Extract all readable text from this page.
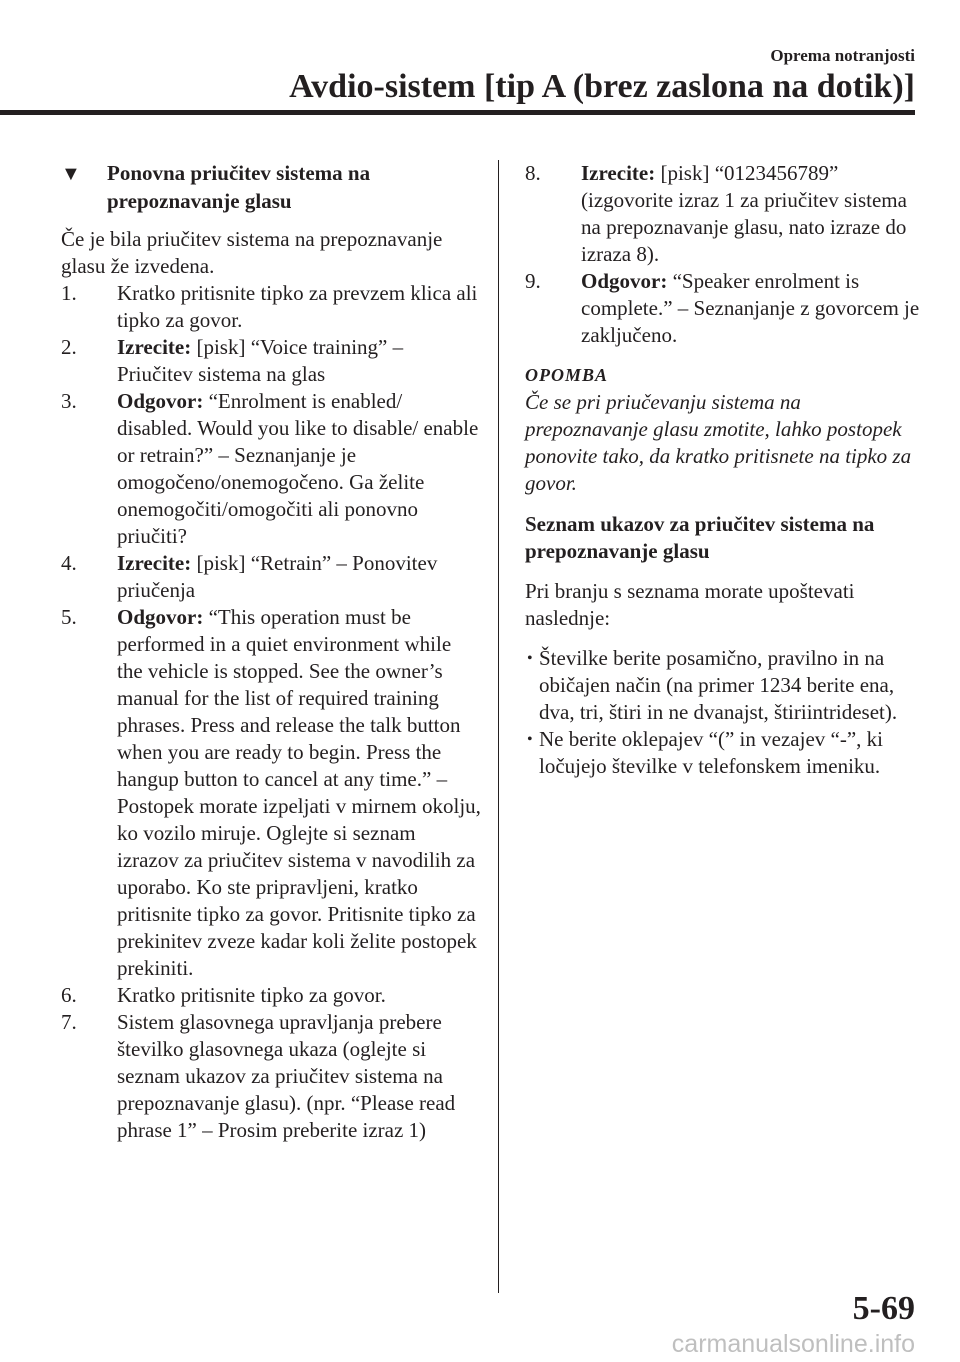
Oprema notranjosti
Avdio-sistem [tip A (brez zaslona na dotik)]
▼ Ponovna priučitev sistema na
prepoznavanje glasu

Če je bila priučitev sistema na prepoznavanje glasu že izvedena.

1. Kratko pritisnite tipko za prevzem klica ali tipko za govor.
2. Izrecite: [pisk] “Voice training” – Priučitev sistema na glas
3. Odgovor: “Enrolment is enabled/ disabled. Would you like to disable/ enable or retrain?” – Seznanjanje je omogočeno/onemogočeno. Ga želite onemogočiti/omogočiti ali ponovno priučiti?
4. Izrecite: [pisk] “Retrain” – Ponovitev priučenja
5. Odgovor: “This operation must be performed in a quiet environment while the vehicle is stopped. See the owner’s manual for the list of required training phrases. Press and release the talk button when you are ready to begin. Press the hangup button to cancel at any time.” – Postopek morate izpeljati v mirnem okolju, ko vozilo miruje. Oglejte si seznam izrazov za priučitev sistema v navodilih za uporabo. Ko ste pripravljeni, kratko pritisnite tipko za govor. Pritisnite tipko za prekinitev zveze kadar koli želite postopek prekiniti.
6. Kratko pritisnite tipko za govor.
7. Sistem glasovnega upravljanja prebere številko glasovnega ukaza (oglejte si seznam ukazov za priučitev sistema na prepoznavanje glasu). (npr. “Please read phrase 1” – Prosim preberite izraz 1)
8. Izrecite: [pisk] “0123456789” (izgovorite izraz 1 za priučitev sistema na prepoznavanje glasu, nato izraze do izraza 8).
9. Odgovor: “Speaker enrolment is complete.” – Seznanjanje z govorcem je zaključeno.

OPOMBA

Če se pri priučevanju sistema na prepoznavanje glasu zmotite, lahko postopek ponovite tako, da kratko pritisnete na tipko za govor.

Seznam ukazov za priučitev sistema na prepoznavanje glasu

Pri branju s seznama morate upoštevati naslednje:

• Številke berite posamično, pravilno in na običajen način (na primer 1234 berite ena, dva, tri, štiri in ne dvanajst, štiriintrideset).
• Ne berite oklepajev “(” in vezajev “-”, ki ločujejo številke v telefonskem imeniku.
5-69
carmanualsonline.info
